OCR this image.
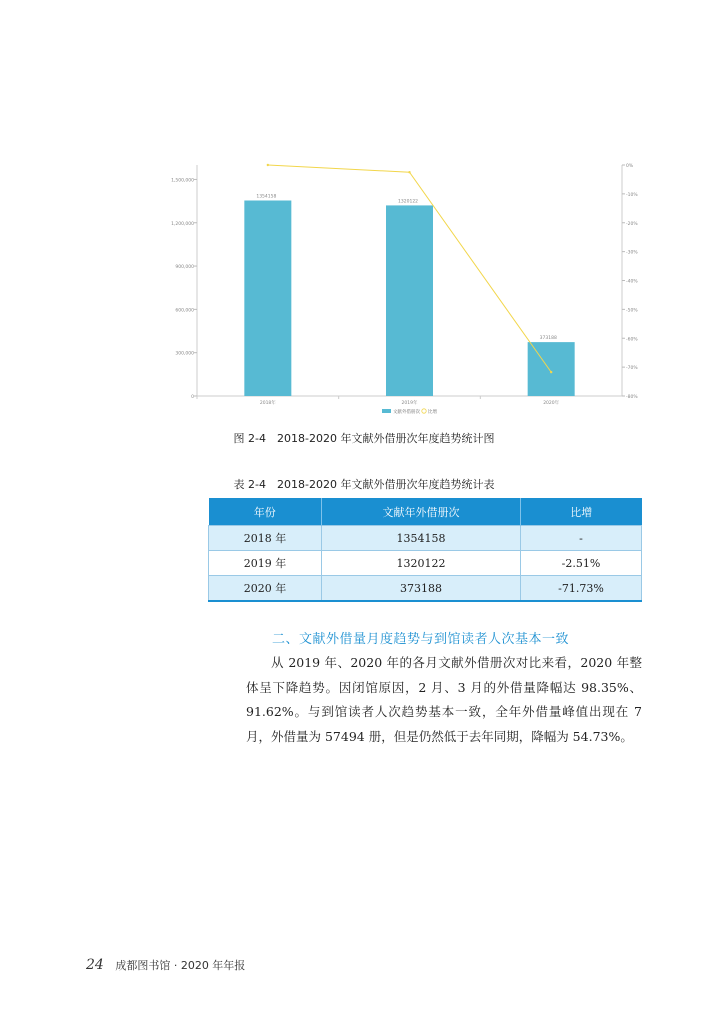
0
300,000
600,000
900,000
1,200,000
1,500,000
0%
-10%
-20%
-30%
-40%
-50%
-60%
-70%
-80%
2018年	2019年	2020年
1354158
1320122
373188
文献外借册次 比增
图 2-4　2018-2020 年文献外借册次年度趋势统计图
表 2-4　2018-2020 年文献外借册次年度趋势统计表
年份	文献年外借册次	比增
2018 年	1354158	-
2019 年	1320122	-2.51%
2020 年	373188	-71.73%
二、文献外借量月度趋势与到馆读者人次基本一致
从 2019 年、2020 年的各月文献外借册次对比来看，2020 年整体呈下降趋势。因闭馆原因，2 月、3 月的外借量降幅达 98.35%、91.62%。与到馆读者人次趋势基本一致，全年外借量峰值出现在 7 月，外借量为 57494 册，但是仍然低于去年同期，降幅为 54.73%。
24 成都图书馆 · 2020 年年报
